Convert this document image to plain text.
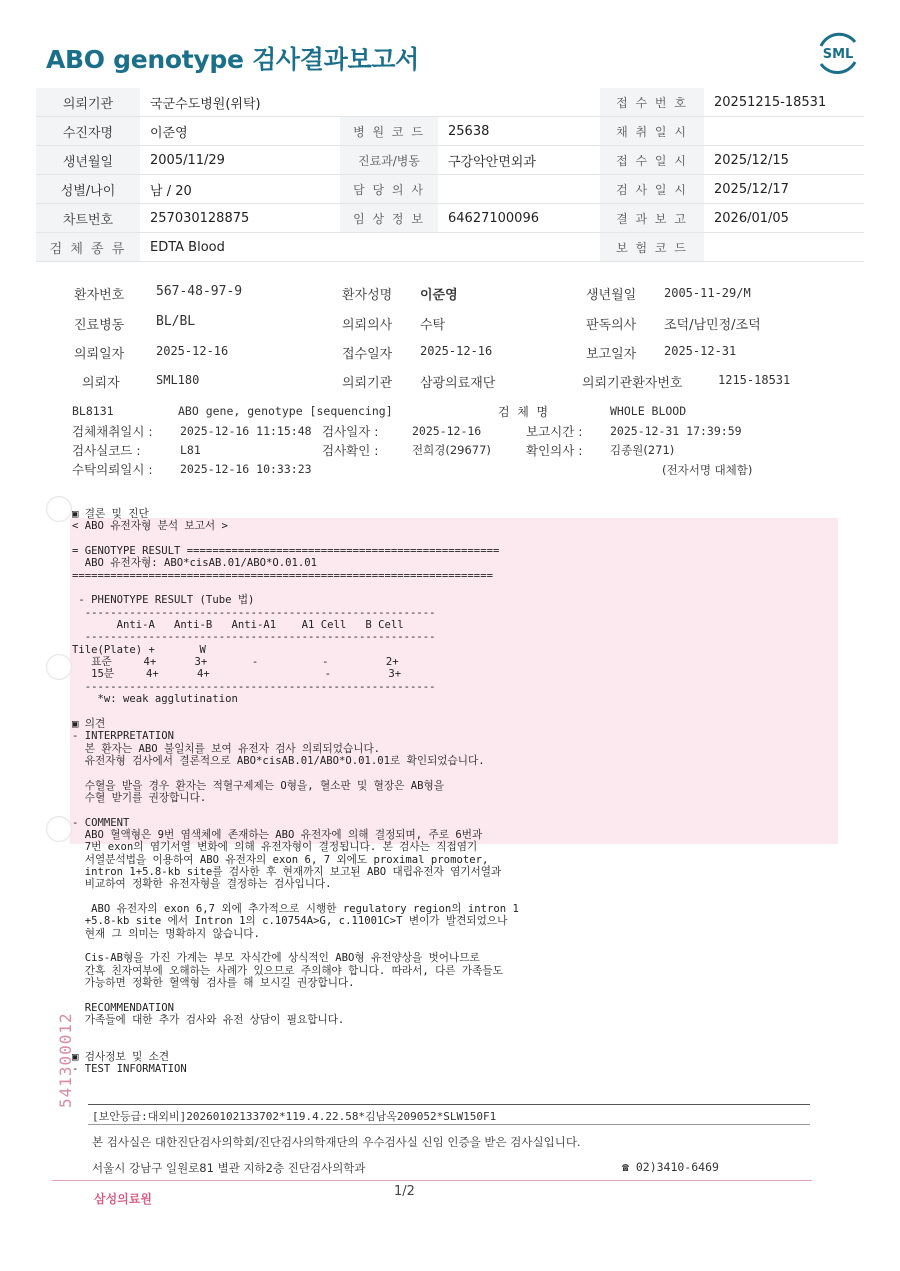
ABO genotype 검사결과보고서	SML
의뢰기관	국군수도병원(위탁)			접 수 번 호	20251215-18531
수진자명	이준영	병 원 코 드	25638	채 취 일 시	
생년월일	2005/11/29	진료과/병동	구강악안면외과	접 수 일 시	2025/12/15
성별/나이	남 / 20	담 당 의 사		검 사 일 시	2025/12/17
차트번호	257030128875	임 상 정 보	64627100096	결 과 보 고	2026/01/05
검 체 종 류	EDTA Blood			보 험 코 드	
환자번호 567-48-97-9	환자성명 이준영	생년월일 2005-11-29/M
진료병동 BL/BL	의뢰의사 수탁	판독의사 조덕/남민정/조덕
의뢰일자	2025-12-16	접수일자 2025-12-16	보고일자 2025-12-31
의뢰자	SML180	의뢰기관 삼광의료재단	의뢰기관환자번호	1215-18531
BL8131	ABO gene, genotype [sequencing]	검  체  명	WHOLE BLOOD
검체채취일시 : 2025-12-16 11:15:48 검사일자 :	2025-12-16	보고시간 : 2025-12-31 17:39:59
검사실코드 :	L81	검사확인 :	전희경(29677)	확인의사 : 김종원(271)
수탁의뢰일시 : 2025-12-16 10:33:23	(전자서명 대체함)
▣ 결론 및 진단
< ABO 유전자형 분석 보고서 >

= GENOTYPE RESULT =================================================
ABO 유전자형: ABO*cisAB.01/ABO*O.01.01
==================================================================

- PHENOTYPE RESULT (Tube 법)
-------------------------------------------------------
Anti-A   Anti-B   Anti-A1    A1 Cell   B Cell
-------------------------------------------------------
Tile(Plate) +       W
표준     4+      3+       -          -         2+
15분     4+      4+                  -         3+
-------------------------------------------------------
*w: weak agglutination

▣ 의견
- INTERPRETATION
본 환자는 ABO 불일치를 보여 유전자 검사 의뢰되었습니다.
유전자형 검사에서 결론적으로 ABO*cisAB.01/ABO*O.01.01로 확인되었습니다.

수혈을 받을 경우 환자는 적혈구제제는 O형을, 혈소판 및 혈장은 AB형을
수혈 받기를 권장합니다.

- COMMENT
ABO 혈액형은 9번 염색체에 존재하는 ABO 유전자에 의해 결정되며, 주로 6번과
7번 exon의 염기서열 변화에 의해 유전자형이 결정됩니다. 본 검사는 직접염기
서열분석법을 이용하여 ABO 유전자의 exon 6, 7 외에도 proximal promoter,
intron 1+5.8-kb site를 검사한 후 현재까지 보고된 ABO 대립유전자 염기서열과
비교하여 정확한 유전자형을 결정하는 검사입니다.

ABO 유전자의 exon 6,7 외에 추가적으로 시행한 regulatory region의 intron 1
+5.8-kb site 에서 Intron 1의 c.10754A>G, c.11001C>T 변이가 발견되었으나
현재 그 의미는 명확하지 않습니다.

Cis-AB형을 가진 가계는 부모 자식간에 상식적인 ABO형 유전양상을 벗어나므로
간혹 친자여부에 오해하는 사례가 있으므로 주의해야 합니다. 따라서, 다른 가족들도
가능하면 정확한 혈액형 검사를 해 보시길 권장합니다.

RECOMMENDATION
가족들에 대한 추가 검사와 유전 상담이 필요합니다.

▣ 검사정보 및 소견
- TEST INFORMATION
541300012
[보안등급:대외비]20260102133702*119.4.22.58*김남옥209052*SLW150F1
본 검사실은 대한진단검사의학회/진단검사의학재단의 우수검사실 신임 인증을 받은 검사실입니다.
서울시 강남구 일원로81 별관 지하2층 진단검사의학과	☎ 02)3410-6469
삼성의료원	1/2
